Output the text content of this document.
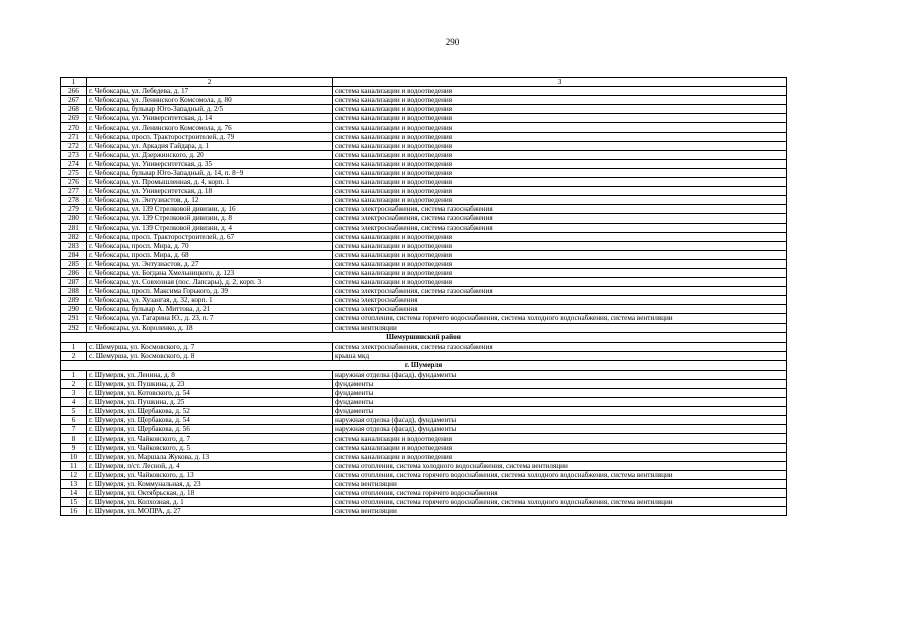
290
1	2	3
266	г. Чебоксары, ул. Лебедева, д. 17	система канализации и водоотведения
267	г. Чебоксары, ул. Ленинского Комсомола, д. 80	система канализации и водоотведения
268	г. Чебоксары, бульвар Юго-Западный, д. 2/5	система канализации и водоотведения
269	г. Чебоксары, ул. Университетская, д. 14	система канализации и водоотведения
270	г. Чебоксары, ул. Ленинского Комсомола, д. 76	система канализации и водоотведения
271	г. Чебоксары, просп. Тракторостроителей, д. 79	система канализации и водоотведения
272	г. Чебоксары, ул. Аркадия Гайдара, д. 1	система канализации и водоотведения
273	г. Чебоксары, ул. Дзержинского, д. 20	система канализации и водоотведения
274	г. Чебоксары, ул. Университетская, д. 35	система канализации и водоотведения
275	г. Чебоксары, бульвар Юго-Западный, д. 14, п. 8−9	система канализации и водоотведения
276	г. Чебоксары, ул. Промышленная, д. 4, корп. 1	система канализации и водоотведения
277	г. Чебоксары, ул. Университетская, д. 18	система канализации и водоотведения
278	г. Чебоксары, ул. Энтузиастов, д. 12	система канализации и водоотведения
279	г. Чебоксары, ул. 139 Стрелковой дивизии, д. 16	система электроснабжения, система газоснабжения
280	г. Чебоксары, ул. 139 Стрелковой дивизии, д. 8	система электроснабжения, система газоснабжения
281	г. Чебоксары, ул. 139 Стрелковой дивизии, д. 4	система электроснабжения, система газоснабжения
282	г. Чебоксары, просп. Тракторостроителей, д. 67	система канализации и водоотведения
283	г. Чебоксары, просп. Мира, д. 70	система канализации и водоотведения
284	г. Чебоксары, просп. Мира, д. 68	система канализации и водоотведения
285	г. Чебоксары, ул. Энтузиастов, д. 27	система канализации и водоотведения
286	г. Чебоксары, ул. Богдана Хмельницкого, д. 123	система канализации и водоотведения
287	г. Чебоксары, ул. Совхозная (пос. Лапсары), д. 2, корп. 3	система канализации и водоотведения
288	г. Чебоксары, просп. Максима Горького, д. 39	система электроснабжения, система газоснабжения
289	г. Чебоксары, ул. Хузангая, д. 32, корп. 1	система электроснабжения
290	г. Чебоксары, бульвар А. Миттова, д. 21	система электроснабжения
291	г. Чебоксары, ул. Гагарина Ю., д. 23, п. 7	система отопления, система горячего водоснабжения, система холодного водоснабжения, система вентиляции
292	г. Чебоксары, ул. Короленко, д. 18	система вентиляции
Шемуршинский район		
1	с. Шемурша, ул. Космовского, д. 7	система электроснабжения, система газоснабжения
2	с. Шемурша, ул. Космовского, д. 8	крыша мкд
г. Шумерля		
1	г. Шумерля, ул. Ленина, д. 8	наружная отделка (фасад), фундаменты
2	г. Шумерля, ул. Пушкина, д. 23	фундаменты
3	г. Шумерля, ул. Котовского, д. 54	фундаменты
4	г. Шумерля, ул. Пушкина, д. 25	фундаменты
5	г. Шумерля, ул. Щербакова, д. 52	фундаменты
6	г. Шумерля, ул. Щербакова, д. 54	наружная отделка (фасад), фундаменты
7	г. Шумерля, ул. Щербакова, д. 56	наружная отделка (фасад), фундаменты
8	г. Шумерля, ул. Чайковского, д. 7	система канализации и водоотведения
9	г. Шумерля, ул. Чайковского, д. 5	система канализации и водоотведения
10	г. Шумерля, ул. Маршала Жукова, д. 13	система канализации и водоотведения
11	г. Шумерля, п/ст. Лесной, д. 4	система отопления, система холодного водоснабжения, система вентиляции
12	г. Шумерля, ул. Чайковского, д. 13	система отопления, система горячего водоснабжения, система холодного водоснабжения, система вентиляции
13	г. Шумерля, ул. Коммунальная, д. 23	система вентиляции
14	г. Шумерля, ул. Октябрьская, д. 18	система отопления, система горячего водоснабжения
15	г. Шумерля, ул. Колхозная, д. 1	система отопления, система горячего водоснабжения, система холодного водоснабжения, система вентиляции
16	г. Шумерля, ул. МОПРА, д. 27	система вентиляции
